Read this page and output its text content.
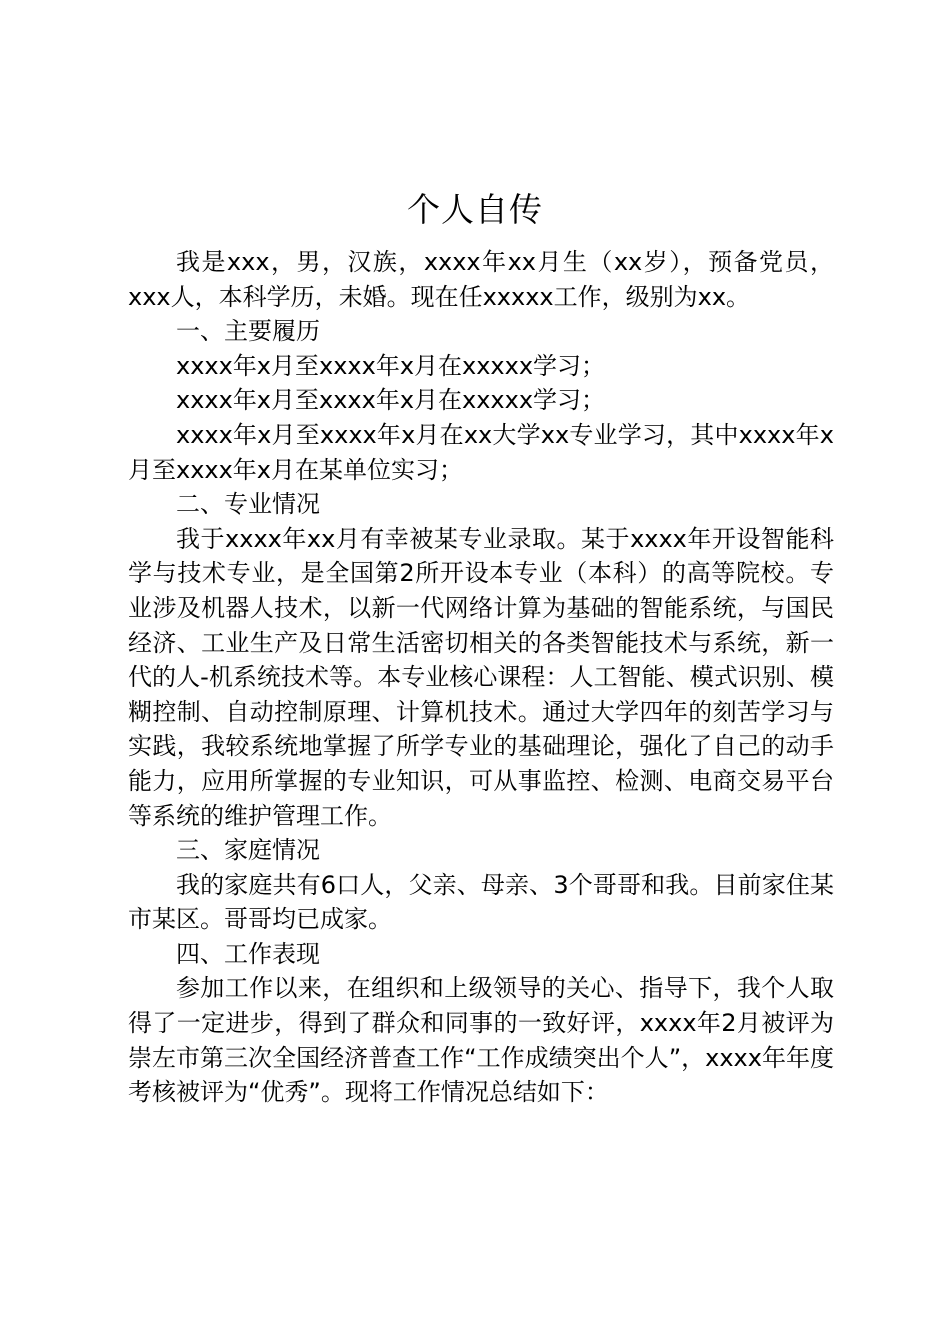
个人自传

我是xxx，男，汉族，xxxx年xx月生（xx岁），预备党员，xxx人，本科学历，未婚。现在任xxxxx工作，级别为xx。

一、主要履历

xxxx年x月至xxxx年x月在xxxxx学习；

xxxx年x月至xxxx年x月在xxxxx学习；

xxxx年x月至xxxx年x月在xx大学xx专业学习，其中xxxx年x月至xxxx年x月在某单位实习；

二、专业情况

我于xxxx年xx月有幸被某专业录取。某于xxxx年开设智能科学与技术专业，是全国第2所开设本专业（本科）的高等院校。专业涉及机器人技术，以新一代网络计算为基础的智能系统，与国民经济、工业生产及日常生活密切相关的各类智能技术与系统，新一代的人-机系统技术等。本专业核心课程：人工智能、模式识别、模糊控制、自动控制原理、计算机技术。通过大学四年的刻苦学习与实践，我较系统地掌握了所学专业的基础理论，强化了自己的动手能力，应用所掌握的专业知识，可从事监控、检测、电商交易平台等系统的维护管理工作。

三、家庭情况

我的家庭共有6口人，父亲、母亲、3个哥哥和我。目前家住某市某区。哥哥均已成家。

四、工作表现

参加工作以来，在组织和上级领导的关心、指导下，我个人取得了一定进步，得到了群众和同事的一致好评，xxxx年2月被评为崇左市第三次全国经济普查工作“工作成绩突出个人”，xxxx年年度考核被评为“优秀”。现将工作情况总结如下：
